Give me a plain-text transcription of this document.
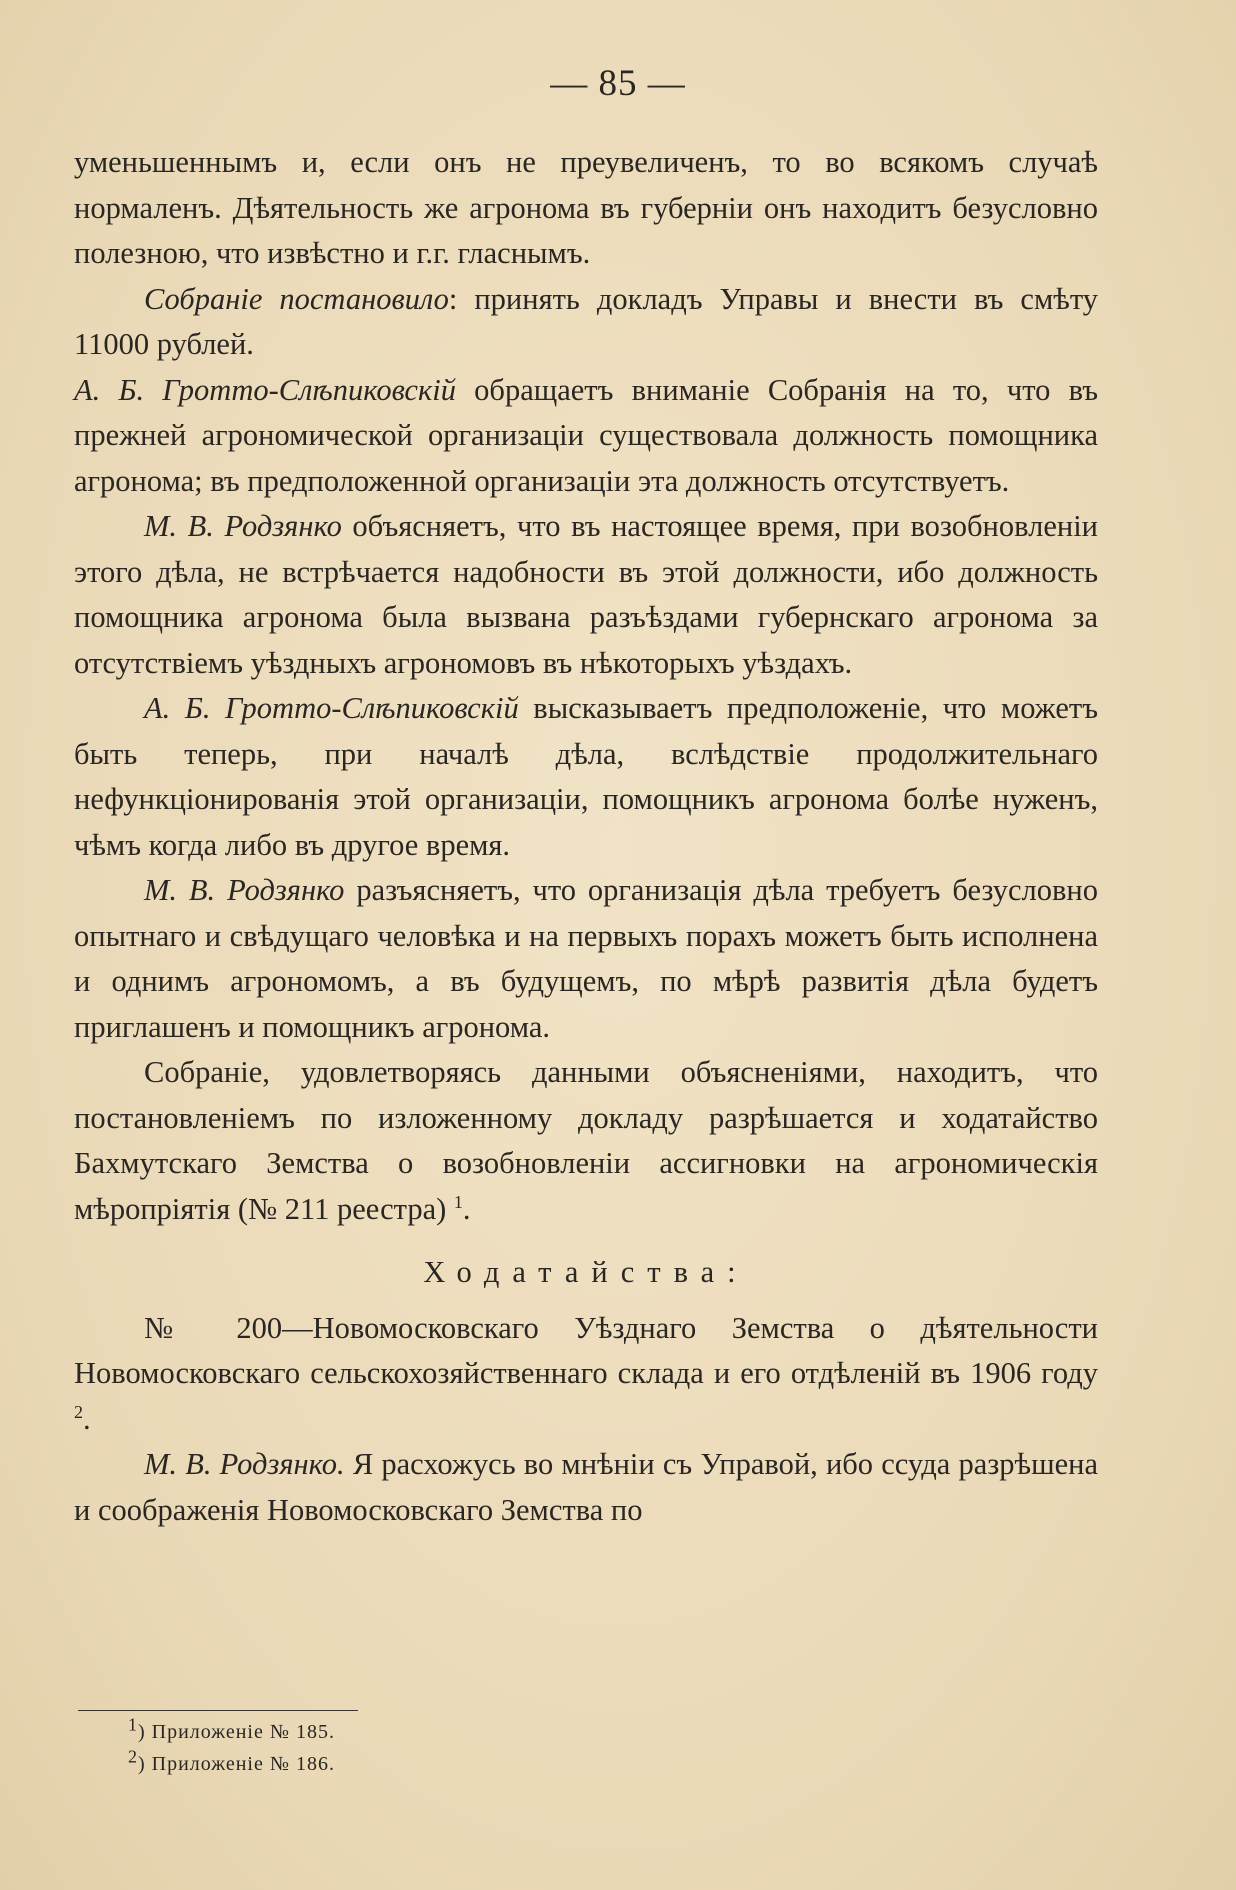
— 85 —

уменьшеннымъ и, если онъ не преувеличенъ, то во всякомъ случаѣ нормаленъ. Дѣятельность же агронома въ губерніи онъ находитъ безусловно полезною, что извѣстно и г.г. гласнымъ.

Собраніе постановило: принять докладъ Управы и внести въ смѣту 11000 рублей.

А. Б. Гротто-Слѣпиковскій обращаетъ вниманіе Собранія на то, что въ прежней агрономической организаціи существовала должность помощника агронома; въ предположенной организаціи эта должность отсутствуетъ.

М. В. Родзянко объясняетъ, что въ настоящее время, при возобновленіи этого дѣла, не встрѣчается надобности въ этой должности, ибо должность помощника агронома была вызвана разъѣздами губернскаго агронома за отсутствіемъ уѣздныхъ агрономовъ въ нѣкоторыхъ уѣздахъ.

А. Б. Гротто-Слѣпиковскій высказываетъ предположеніе, что можетъ быть теперь, при началѣ дѣла, вслѣдствіе продолжительнаго нефункціонированія этой организаціи, помощникъ агронома болѣе нуженъ, чѣмъ когда либо въ другое время.

М. В. Родзянко разъясняетъ, что организація дѣла требуетъ безусловно опытнаго и свѣдущаго человѣка и на первыхъ порахъ можетъ быть исполнена и однимъ агрономомъ, а въ будущемъ, по мѣрѣ развитія дѣла будетъ приглашенъ и помощникъ агронома.

Собраніе, удовлетворяясь данными объясненіями, находитъ, что постановленіемъ по изложенному докладу разрѣшается и ходатайство Бахмутскаго Земства о возобновленіи ассигновки на агрономическія мѣропріятія (№ 211 реестра) $^1$.

Ходатайства:

№ 200—Новомосковскаго Уѣзднаго Земства о дѣятельности Новомосковскаго сельскохозяйственнаго склада и его отдѣленій въ 1906 году $^2$.

М. В. Родзянко. Я расхожусь во мнѣніи съ Управой, ибо ссуда разрѣшена и соображенія Новомосковскаго Земства по

$^1$) Приложеніе № 185.
$^2$) Приложеніе № 186.
